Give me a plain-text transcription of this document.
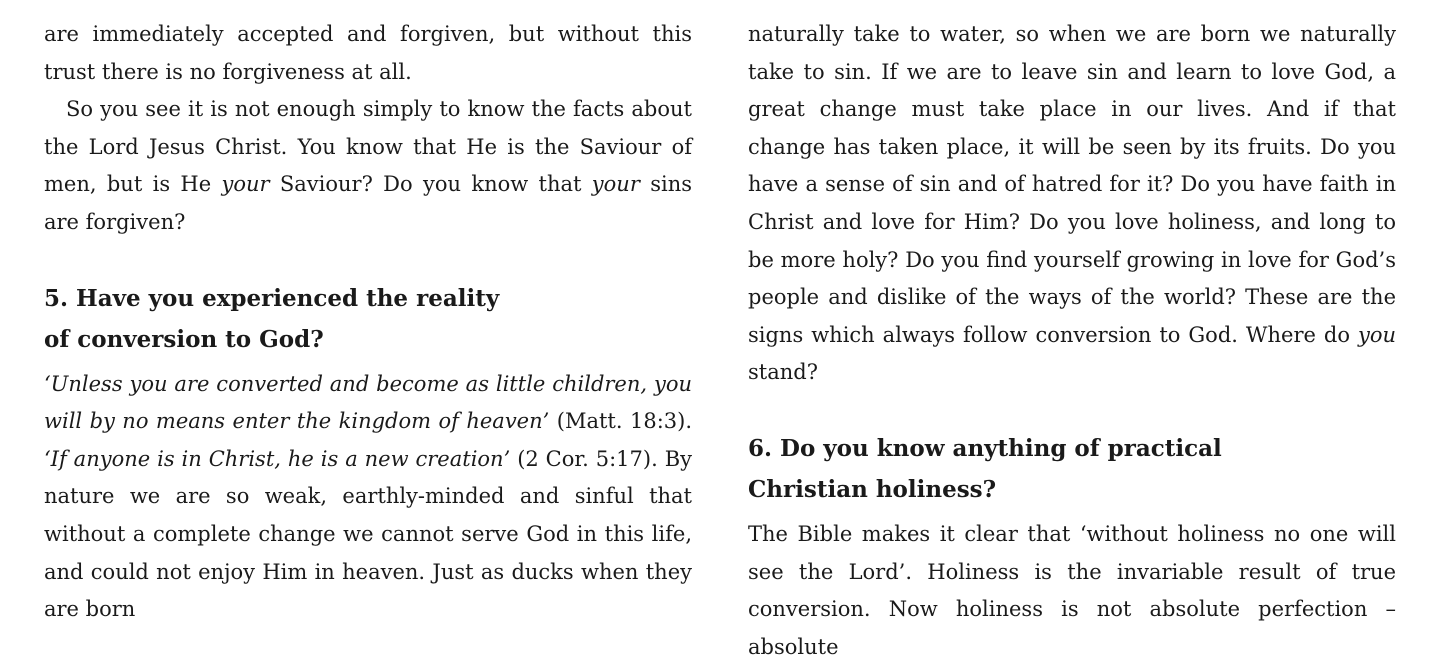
are immediately accepted and forgiven, but without this trust there is no forgiveness at all.

So you see it is not enough simply to know the facts about the Lord Jesus Christ. You know that He is the Saviour of men, but is He your Saviour? Do you know that your sins are forgiven?

5. Have you experienced the reality
of conversion to God?

‘Unless you are converted and become as little children, you will by no means enter the kingdom of heaven’ (Matt. 18:3). ‘If anyone is in Christ, he is a new creation’ (2 Cor. 5:17). By nature we are so weak, earthly-minded and sinful that without a complete change we cannot serve God in this life, and could not enjoy Him in heaven. Just as ducks when they are born

naturally take to water, so when we are born we naturally take to sin. If we are to leave sin and learn to love God, a great change must take place in our lives. And if that change has taken place, it will be seen by its fruits. Do you have a sense of sin and of hatred for it? Do you have faith in Christ and love for Him? Do you love holiness, and long to be more holy? Do you find yourself growing in love for God’s people and dislike of the ways of the world? These are the signs which always follow conversion to God. Where do you stand?

6. Do you know anything of practical
Christian holiness?

The Bible makes it clear that ‘without holiness no one will see the Lord’. Holiness is the invariable result of true conversion. Now holiness is not absolute perfection – absolute
